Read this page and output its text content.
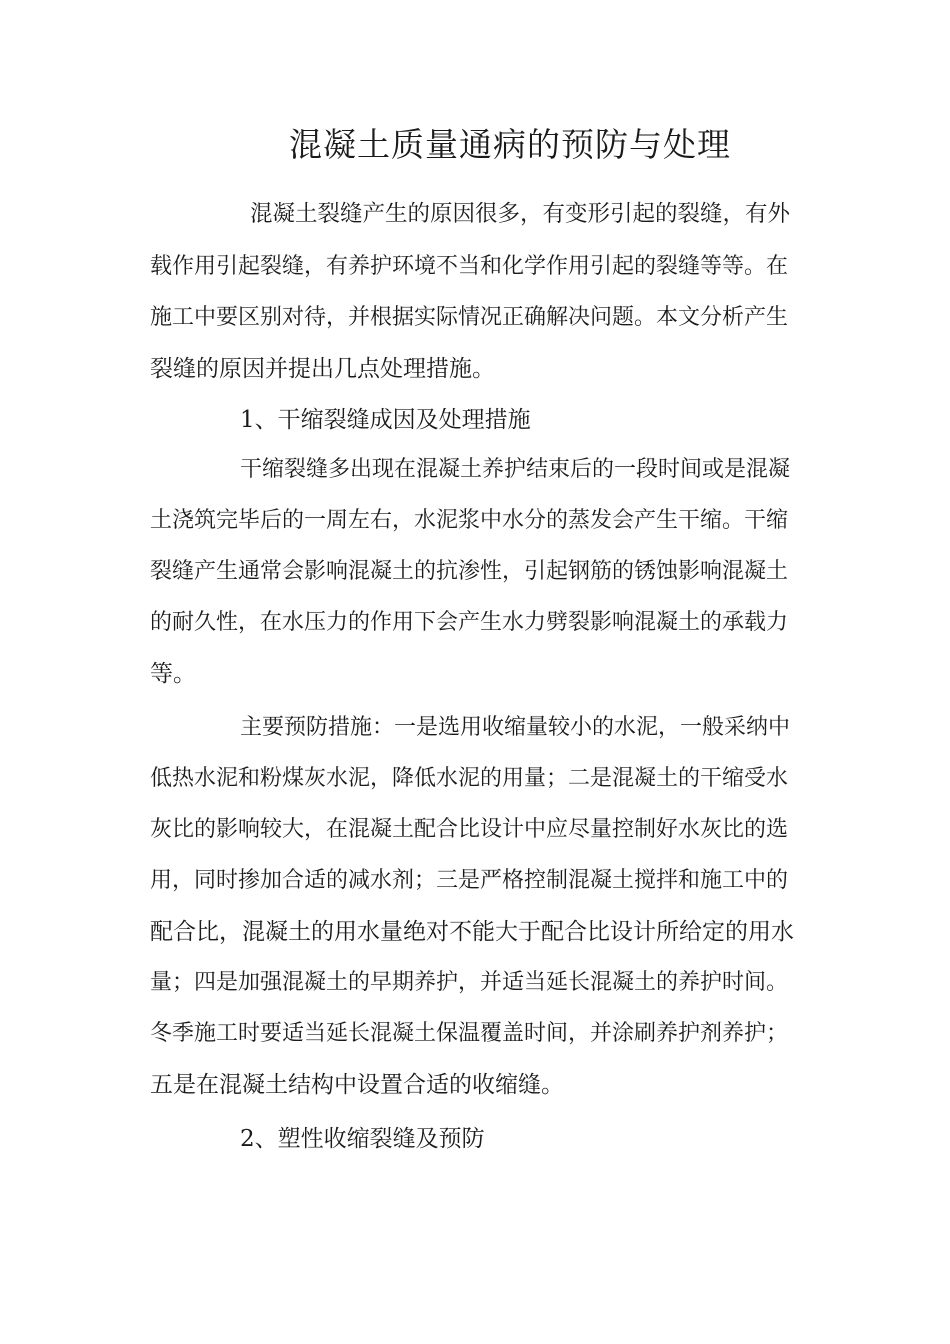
混凝土质量通病的预防与处理

混凝土裂缝产生的原因很多，有变形引起的裂缝，有外

载作用引起裂缝，有养护环境不当和化学作用引起的裂缝等等。在

施工中要区别对待，并根据实际情况正确解决问题。本文分析产生

裂缝的原因并提出几点处理措施。

1、干缩裂缝成因及处理措施

干缩裂缝多出现在混凝土养护结束后的一段时间或是混凝

土浇筑完毕后的一周左右，水泥浆中水分的蒸发会产生干缩。干缩

裂缝产生通常会影响混凝土的抗渗性，引起钢筋的锈蚀影响混凝土

的耐久性，在水压力的作用下会产生水力劈裂影响混凝土的承载力

等。

主要预防措施：一是选用收缩量较小的水泥，一般采纳中

低热水泥和粉煤灰水泥，降低水泥的用量；二是混凝土的干缩受水

灰比的影响较大，在混凝土配合比设计中应尽量控制好水灰比的选

用，同时掺加合适的减水剂；三是严格控制混凝土搅拌和施工中的

配合比，混凝土的用水量绝对不能大于配合比设计所给定的用水

量；四是加强混凝土的早期养护，并适当延长混凝土的养护时间。

冬季施工时要适当延长混凝土保温覆盖时间，并涂刷养护剂养护；

五是在混凝土结构中设置合适的收缩缝。

2、塑性收缩裂缝及预防
